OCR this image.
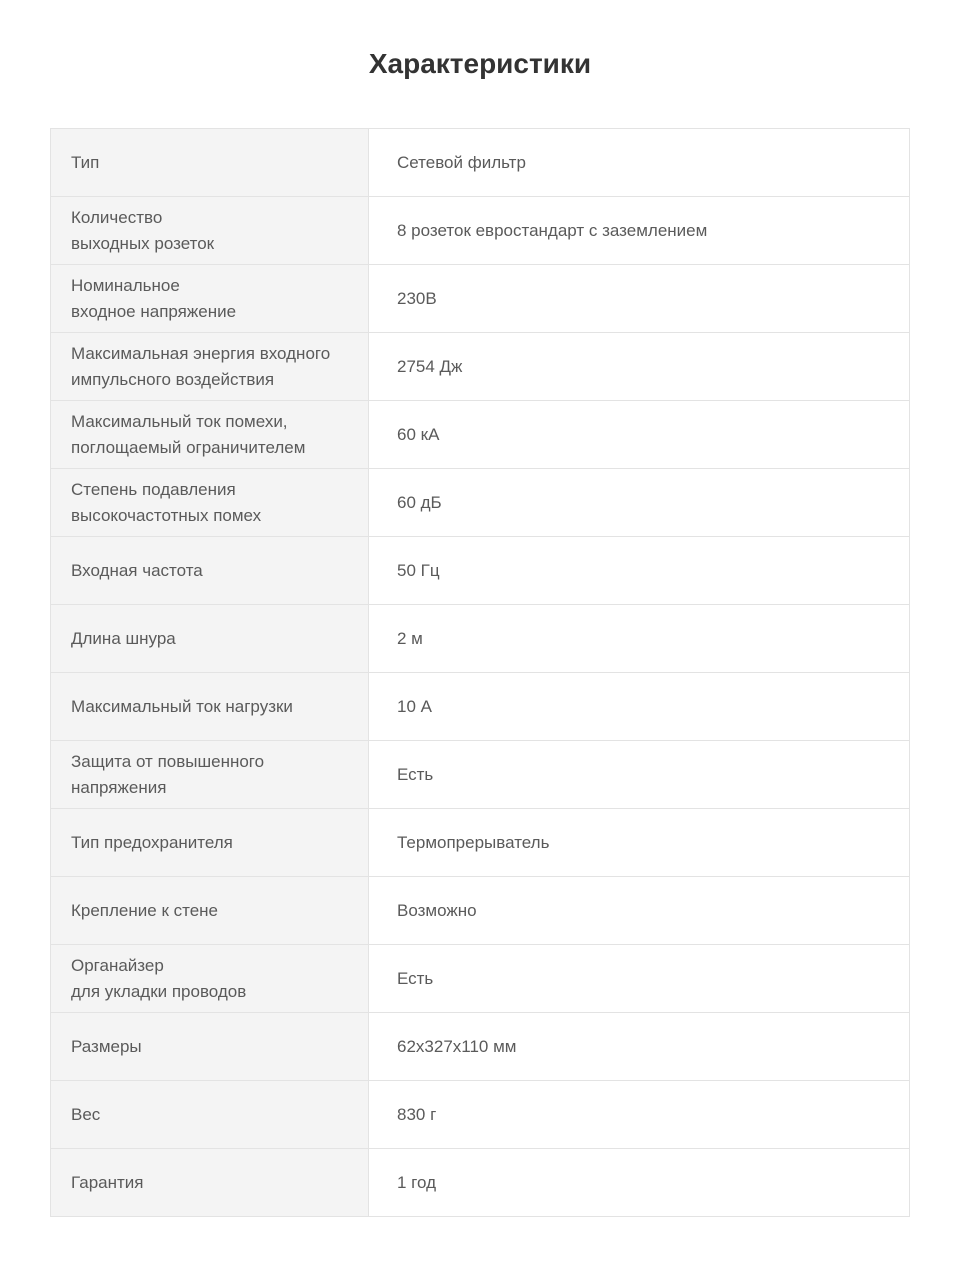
Характеристики
Тип	Сетевой фильтр

Количество
выходных розеток	8 розеток евростандарт с заземлением

Номинальное
входное напряжение	230В

Максимальная энергия входного
импульсного воздействия	2754 Дж

Максимальный ток помехи,
поглощаемый ограничителем	60 кА

Степень подавления
высокочастотных помех	60 дБ

Входная частота	50 Гц

Длина шнура	2 м

Максимальный ток нагрузки	10 А

Защита от повышенного
напряжения	Есть

Тип предохранителя	Термопрерыватель

Крепление к стене	Возможно

Органайзер
для укладки проводов	Есть

Размеры	62х327х110 мм

Вес	830 г

Гарантия	1 год
